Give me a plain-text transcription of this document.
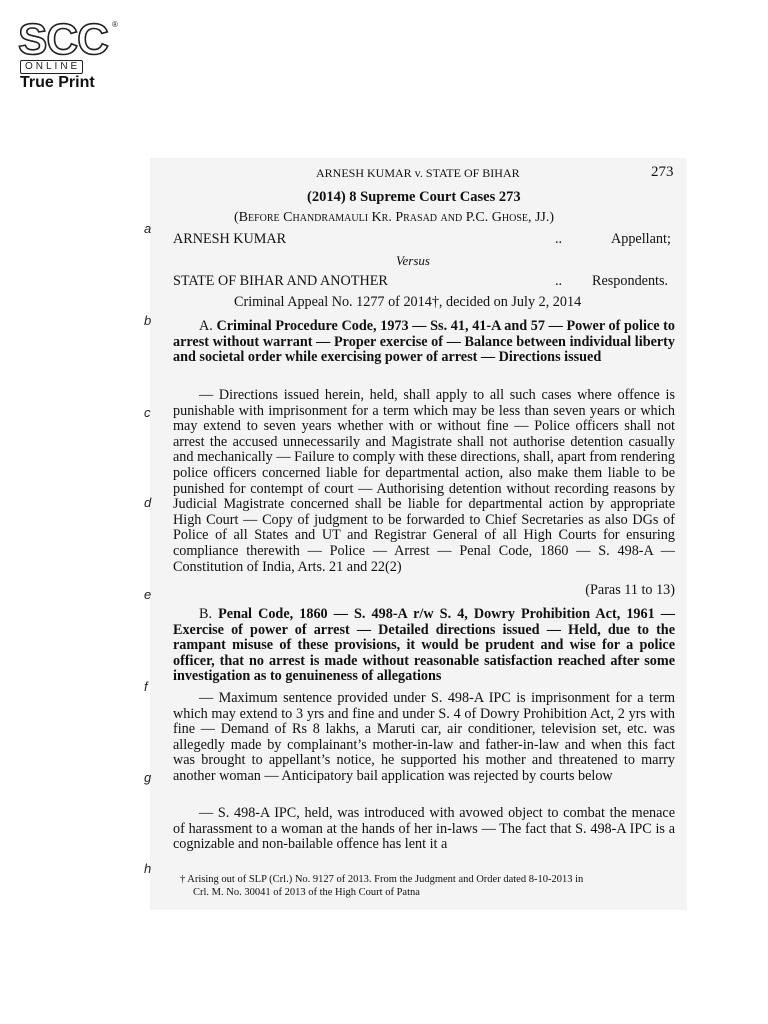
SCC ®
ONLINE
True Print
ARNESH KUMAR v. STATE OF BIHAR	273
(2014) 8 Supreme Court Cases 273
(Before Chandramauli Kr. Prasad and P.C. Ghose, JJ.)
a
b
c
d
e
f
g
h
ARNESH KUMAR	..	Appellant;
Versus
STATE OF BIHAR AND ANOTHER	.. Respondents.
Criminal Appeal No. 1277 of 2014†, decided on July 2, 2014
A. Criminal Procedure Code, 1973 — Ss. 41, 41-A and 57 — Power of police to arrest without warrant — Proper exercise of — Balance between individual liberty and societal order while exercising power of arrest — Directions issued
— Directions issued herein, held, shall apply to all such cases where offence is punishable with imprisonment for a term which may be less than seven years or which may extend to seven years whether with or without fine — Police officers shall not arrest the accused unnecessarily and Magistrate shall not authorise detention casually and mechanically — Failure to comply with these directions, shall, apart from rendering police officers concerned liable for departmental action, also make them liable to be punished for contempt of court — Authorising detention without recording reasons by Judicial Magistrate concerned shall be liable for departmental action by appropriate High Court — Copy of judgment to be forwarded to Chief Secretaries as also DGs of Police of all States and UT and Registrar General of all High Courts for ensuring compliance therewith — Police — Arrest — Penal Code, 1860 — S. 498-A — Constitution of India, Arts. 21 and 22(2)
(Paras 11 to 13)
B. Penal Code, 1860 — S. 498-A r/w S. 4, Dowry Prohibition Act, 1961 — Exercise of power of arrest — Detailed directions issued — Held, due to the rampant misuse of these provisions, it would be prudent and wise for a police officer, that no arrest is made without reasonable satisfaction reached after some investigation as to genuineness of allegations
— Maximum sentence provided under S. 498-A IPC is imprisonment for a term which may extend to 3 yrs and fine and under S. 4 of Dowry Prohibition Act, 2 yrs with fine — Demand of Rs 8 lakhs, a Maruti car, air conditioner, television set, etc. was allegedly made by complainant’s mother-in-law and father-in-law and when this fact was brought to appellant’s notice, he supported his mother and threatened to marry another woman — Anticipatory bail application was rejected by courts below
— S. 498-A IPC, held, was introduced with avowed object to combat the menace of harassment to a woman at the hands of her in-laws — The fact that S. 498-A IPC is a cognizable and non-bailable offence has lent it a
† Arising out of SLP (Crl.) No. 9127 of 2013. From the Judgment and Order dated 8-10-2013 in
Crl. M. No. 30041 of 2013 of the High Court of Patna
